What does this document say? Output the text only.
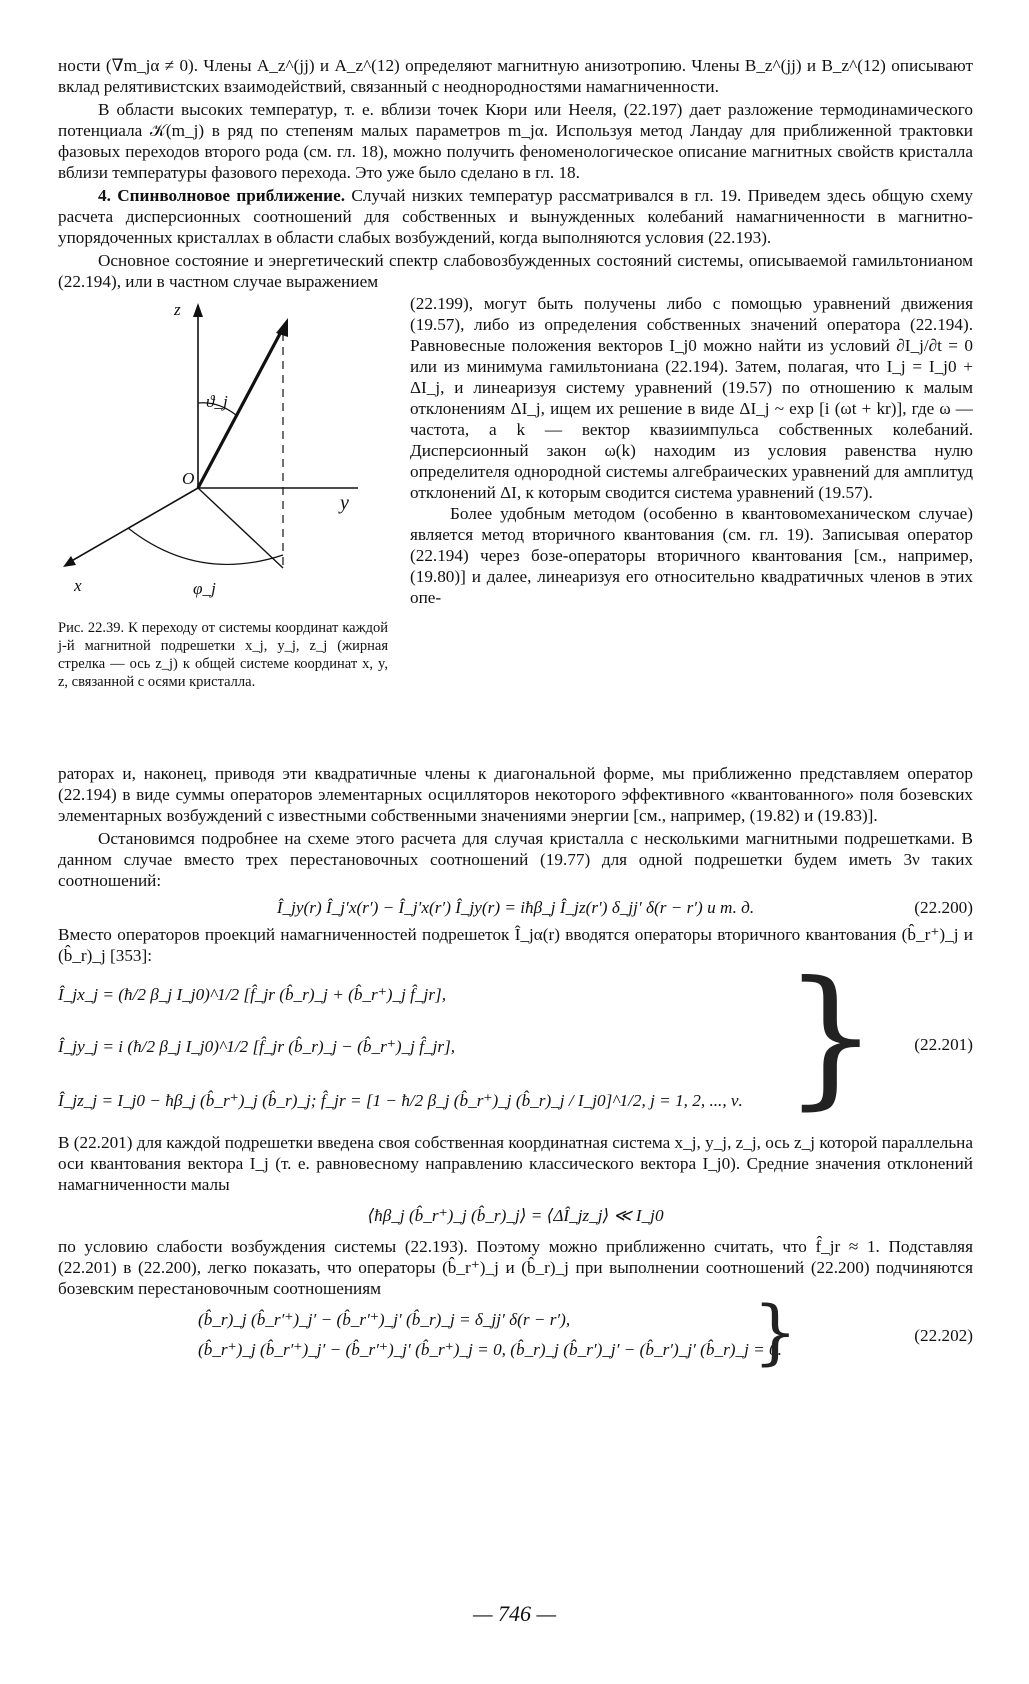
ности (∇m_jα ≠ 0). Члены A_z^(jj) и A_z^(12) определяют магнитную анизотропию. Члены B_z^(jj) и B_z^(12) описывают вклад релятивистских взаимодействий, связанный с неоднородностями намагниченности.

В области высоких температур, т. е. вблизи точек Кюри или Нееля, (22.197) дает разложение термодинамического потенциала 𝒦(m_j) в ряд по степеням малых параметров m_jα. Используя метод Ландау для приближенной трактовки фазовых переходов второго рода (см. гл. 18), можно получить феноменологическое описание магнитных свойств кристалла вблизи температуры фазового перехода. Это уже было сделано в гл. 18.

4. Спинволновое приближение. Случай низких температур рассматривался в гл. 19. Приведем здесь общую схему расчета дисперсионных соотношений для собственных и вынужденных колебаний намагниченности в магнитно-упорядоченных кристаллах в области слабых возбуждений, когда выполняются условия (22.193).

Основное состояние и энергетический спектр слабовозбужденных состояний системы, описываемой гамильтонианом (22.194), или в частном случае выражением

z
y
x
O
ϑ_j
φ_j
Рис. 22.39. К переходу от системы координат каждой j-й магнитной подрешетки x_j, y_j, z_j (жирная стрелка — ось z_j) к общей системе координат x, y, z, связанной с осями кристалла.

(22.199), могут быть получены либо с помощью уравнений движения (19.57), либо из определения собственных значений оператора (22.194). Равновесные положения векторов I_j0 можно найти из условий ∂I_j/∂t = 0 или из минимума гамильтониана (22.194). Затем, полагая, что I_j = I_j0 + ΔI_j, и линеаризуя систему уравнений (19.57) по отношению к малым отклонениям ΔI_j, ищем их решение в виде ΔI_j ~ exp [i (ωt + kr)], где ω — частота, a k — вектор квазиимпульса собственных колебаний. Дисперсионный закон ω(k) находим из условия равенства нулю определителя однородной системы алгебраических уравнений для амплитуд отклонений ΔI, к которым сводится система уравнений (19.57).

Более удобным методом (особенно в квантовомеханическом случае) является метод вторичного квантования (см. гл. 19). Записывая оператор (22.194) через бозе-операторы вторичного квантования [см., например, (19.80)] и далее, линеаризуя его относительно квадратичных членов в этих опе-

раторах и, наконец, приводя эти квадратичные члены к диагональной форме, мы приближенно представляем оператор (22.194) в виде суммы операторов элементарных осцилляторов некоторого эффективного «квантованного» поля бозевских элементарных возбуждений с известными собственными значениями энергии [см., например, (19.82) и (19.83)].

Остановимся подробнее на схеме этого расчета для случая кристалла с несколькими магнитными подрешетками. В данном случае вместо трех перестановочных соотношений (19.77) для одной подрешетки будем иметь 3ν таких соотношений:

Î_jy(r) Î_j′x(r′) − Î_j′x(r′) Î_jy(r) = iħβ_j Î_jz(r′) δ_jj′ δ(r − r′) и т. д.	(22.200)

Вместо операторов проекций намагниченностей подрешеток Î_jα(r) вводятся операторы вторичного квантования (b̂_r⁺)_j и (b̂_r)_j [353]:

Î_jx_j = (ħ/2 β_j I_j0)^1/2 [f̂_jr (b̂_r)_j + (b̂_r⁺)_j f̂_jr],
Î_jy_j = i (ħ/2 β_j I_j0)^1/2 [f̂_jr (b̂_r)_j − (b̂_r⁺)_j f̂_jr],
Î_jz_j = I_j0 − ħβ_j (b̂_r⁺)_j (b̂_r)_j; f̂_jr = [1 − ħ/2 β_j (b̂_r⁺)_j (b̂_r)_j / I_j0]^1/2, j = 1, 2, ..., ν. } (22.201)

В (22.201) для каждой подрешетки введена своя собственная координатная система x_j, y_j, z_j, ось z_j которой параллельна оси квантования вектора I_j (т. е. равновесному направлению классического вектора I_j0). Средние значения отклонений намагниченности малы

⟨ħβ_j (b̂_r⁺)_j (b̂_r)_j⟩ = ⟨ΔÎ_jz_j⟩ ≪ I_j0

по условию слабости возбуждения системы (22.193). Поэтому можно приближенно считать, что f̂_jr ≈ 1. Подставляя (22.201) в (22.200), легко показать, что операторы (b̂_r⁺)_j и (b̂_r)_j при выполнении соотношений (22.200) подчиняются бозевским перестановочным соотношениям

(b̂_r)_j (b̂_r′⁺)_j′ − (b̂_r′⁺)_j′ (b̂_r)_j = δ_jj′ δ(r − r′),
(b̂_r⁺)_j (b̂_r′⁺)_j′ − (b̂_r′⁺)_j′ (b̂_r⁺)_j = 0, (b̂_r)_j (b̂_r′)_j′ − (b̂_r′)_j′ (b̂_r)_j = 0.
}	(22.202)
— 746 —
